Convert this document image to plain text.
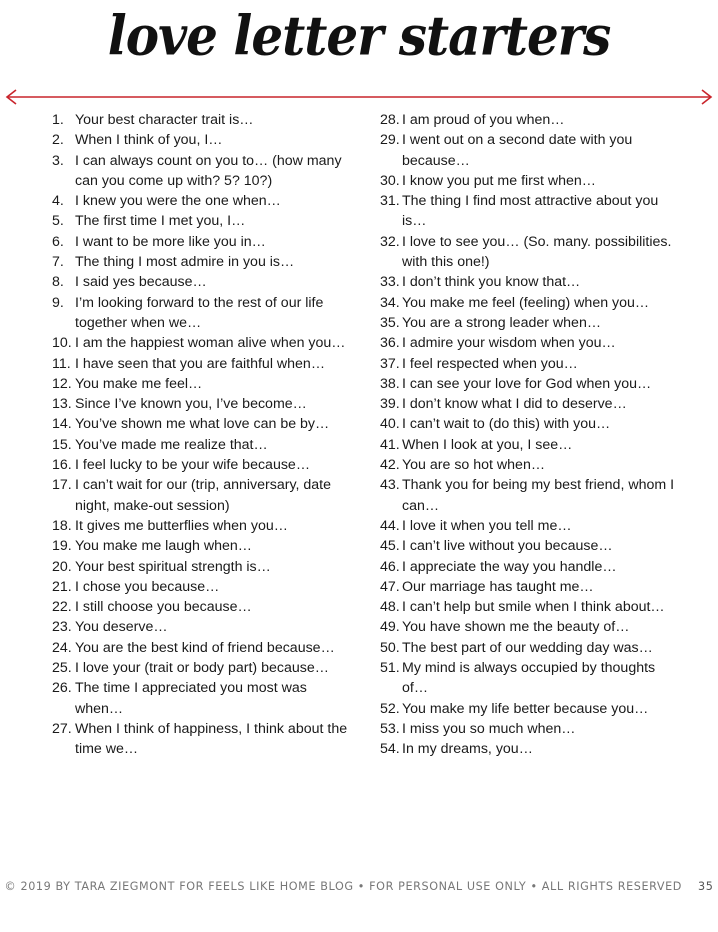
love letter starters
1. Your best character trait is…
2. When I think of you, I…
3. I can always count on you to… (how many can you come up with? 5? 10?)
4. I knew you were the one when…
5. The first time I met you, I…
6. I want to be more like you in…
7. The thing I most admire in you is…
8. I said yes because…
9. I’m looking forward to the rest of our life together when we…
10. I am the happiest woman alive when you…
11. I have seen that you are faithful when…
12. You make me feel…
13. Since I’ve known you, I’ve become…
14. You’ve shown me what love can be by…
15. You’ve made me realize that…
16. I feel lucky to be your wife because…
17. I can’t wait for our (trip, anniversary, date night, make-out session)
18. It gives me butterflies when you…
19. You make me laugh when…
20. Your best spiritual strength is…
21. I chose you because…
22. I still choose you because…
23. You deserve…
24. You are the best kind of friend because…
25. I love your (trait or body part) because…
26. The time I appreciated you most was when…
27. When I think of happiness, I think about the time we…
28. I am proud of you when…
29. I went out on a second date with you because…
30. I know you put me first when…
31. The thing I find most attractive about you is…
32. I love to see you… (So. many. possibilities. with this one!)
33. I don’t think you know that…
34. You make me feel (feeling) when you…
35. You are a strong leader when…
36. I admire your wisdom when you…
37. I feel respected when you…
38. I can see your love for God when you…
39. I don’t know what I did to deserve…
40. I can’t wait to (do this) with you…
41. When I look at you, I see…
42. You are so hot when…
43. Thank you for being my best friend, whom I can…
44. I love it when you tell me…
45. I can’t live without you because…
46. I appreciate the way you handle…
47. Our marriage has taught me…
48. I can’t help but smile when I think about…
49. You have shown me the beauty of…
50. The best part of our wedding day was…
51. My mind is always occupied by thoughts of…
52. You make my life better because you…
53. I miss you so much when…
54. In my dreams, you…
© 2019 BY TARA ZIEGMONT FOR FEELS LIKE HOME BLOG • FOR PERSONAL USE ONLY • ALL RIGHTS RESERVED 35
